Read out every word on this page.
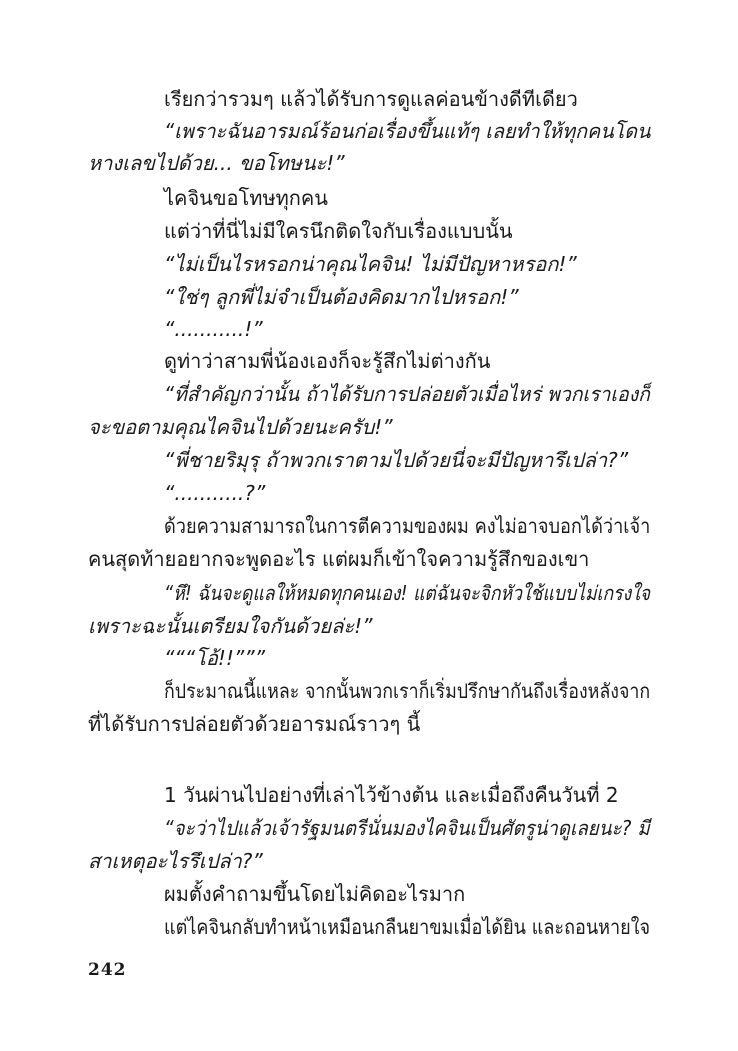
เรียกว่ารวมๆ แล้วได้รับการดูแลค่อนข้างดีทีเดียว
“เพราะฉันอารมณ์ร้อนก่อเรื่องขึ้นแท้ๆ เลยทำให้ทุกคนโดน
หางเลขไปด้วย... ขอโทษนะ!”
ไคจินขอโทษทุกคน
แต่ว่าที่นี่ไม่มีใครนึกติดใจกับเรื่องแบบนั้น
“ไม่เป็นไรหรอกน่าคุณไคจิน! ไม่มีปัญหาหรอก!”
“ใช่ๆ ลูกพี่ไม่จำเป็นต้องคิดมากไปหรอก!”
“...........!”
ดูท่าว่าสามพี่น้องเองก็จะรู้สึกไม่ต่างกัน
“ที่สำคัญกว่านั้น ถ้าได้รับการปล่อยตัวเมื่อไหร่ พวกเราเองก็
จะขอตามคุณไคจินไปด้วยนะครับ!”
“พี่ชายริมุรุ ถ้าพวกเราตามไปด้วยนี่จะมีปัญหารึเปล่า?”
“...........?”
ด้วยความสามารถในการตีความของผม คงไม่อาจบอกได้ว่าเจ้า
คนสุดท้ายอยากจะพูดอะไร แต่ผมก็เข้าใจความรู้สึกของเขา
“หึ! ฉันจะดูแลให้หมดทุกคนเอง! แต่ฉันจะจิกหัวใช้แบบไม่เกรงใจ
เพราะฉะนั้นเตรียมใจกันด้วยล่ะ!”
“““โอ้!!”””
ก็ประมาณนี้แหละ จากนั้นพวกเราก็เริ่มปรึกษากันถึงเรื่องหลังจาก
ที่ได้รับการปล่อยตัวด้วยอารมณ์ราวๆ นี้
1 วันผ่านไปอย่างที่เล่าไว้ข้างต้น และเมื่อถึงคืนวันที่ 2
“จะว่าไปแล้วเจ้ารัฐมนตรีนั่นมองไคจินเป็นศัตรูน่าดูเลยนะ? มี
สาเหตุอะไรรึเปล่า?”
ผมตั้งคำถามขึ้นโดยไม่คิดอะไรมาก
แต่ไคจินกลับทำหน้าเหมือนกลืนยาขมเมื่อได้ยิน และถอนหายใจ
242
